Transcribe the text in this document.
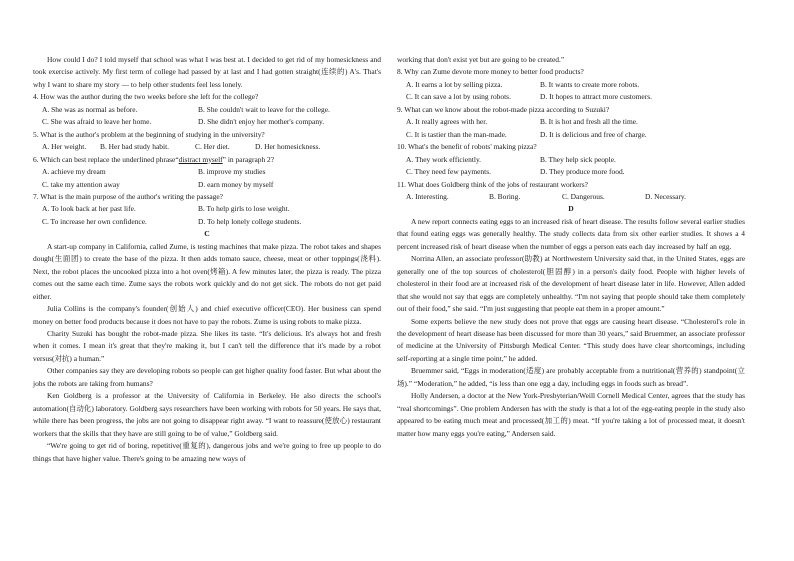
How could I do? I told myself that school was what I was best at. I decided to get rid of my homesickness and took exercise actively. My first term of college had passed by at last and I had gotten straight(连续的) A's. That's why I want to share my story — to help other students feel less lonely.

4. How was the author during the two weeks before she left for the college?

A. She was as normal as before.	B. She couldn't wait to leave for the college.
C. She was afraid to leave her home.	D. She didn't enjoy her mother's company.

5. What is the author's problem at the beginning of studying in the university?

A. Her weight.	B. Her bad study habit.	C. Her diet.	D. Her homesickness.

6. Which can best replace the underlined phrase“distract myself” in paragraph 2?

A. achieve my dream	B. improve my studies
C. take my attention away	D. earn money by myself

7. What is the main purpose of the author's writing the passage?

A. To look back at her past life.	B. To help girls to lose weight.
C. To increase her own confidence.	D. To help lonely college students.

C

A start-up company in California, called Zume, is testing machines that make pizza. The robot takes and shapes dough(生面团) to create the base of the pizza. It then adds tomato sauce, cheese, meat or other toppings(浇料). Next, the robot places the uncooked pizza into a hot oven(烤箱). A few minutes later, the pizza is ready. The pizza comes out the same each time. Zume says the robots work quickly and do not get sick. The robots do not get paid either.

Julia Collins is the company's founder(创始人) and chief executive officer(CEO). Her business can spend money on better food products because it does not have to pay the robots. Zume is using robots to make pizza.

Charity Suzuki has bought the robot-made pizza. She likes its taste. “It's delicious. It's always hot and fresh when it comes. I mean it's great that they're making it, but I can't tell the difference that it's made by a robot versus(对抗) a human.”

Other companies say they are developing robots so people can get higher quality food faster. But what about the jobs the robots are taking from humans?

Ken Goldberg is a professor at the University of California in Berkeley. He also directs the school's automation(自动化) laboratory. Goldberg says researchers have been working with robots for 50 years. He says that, while there has been progress, the jobs are not going to disappear right away. “I want to reassure(使放心) restaurant workers that the skills that they have are still going to be of value,” Goldberg said.

“We're going to get rid of boring, repetitive(重复的), dangerous jobs and we're going to free up people to do things that have higher value. There's going to be amazing new ways of

working that don't exist yet but are going to be created.”

8. Why can Zume devote more money to better food products?

A. It earns a lot by selling pizza.	B. It wants to create more robots.
C. It can save a lot by using robots.	D. It hopes to attract more customers.

9. What can we know about the robot-made pizza according to Suzuki?

A. It really agrees with her.	B. It is hot and fresh all the time.
C. It is tastier than the man-made.	D. It is delicious and free of charge.

10. What's the benefit of robots' making pizza?

A. They work efficiently.	B. They help sick people.
C. They need few payments.	D. They produce more food.

11. What does Goldberg think of the jobs of restaurant workers?

A. Interesting.	B. Boring.	C. Dangerous.	D. Necessary.

D

A new report connects eating eggs to an increased risk of heart disease. The results follow several earlier studies that found eating eggs was generally healthy. The study collects data from six other earlier studies. It shows a 4 percent increased risk of heart disease when the number of eggs a person eats each day increased by half an egg.

Norrina Allen, an associate professor(助教) at Northwestern University said that, in the United States, eggs are generally one of the top sources of cholesterol(胆固醇) in a person's daily food. People with higher levels of cholesterol in their food are at increased risk of the development of heart disease later in life. However, Allen added that she would not say that eggs are completely unhealthy. “I'm not saying that people should take them completely out of their food,” she said. “I'm just suggesting that people eat them in a proper amount.”

Some experts believe the new study does not prove that eggs are causing heart disease. “Cholesterol's role in the development of heart disease has been discussed for more than 30 years,” said Bruemmer, an associate professor of medicine at the University of Pittsburgh Medical Center. “This study does have clear shortcomings, including self-reporting at a single time point,” he added.

Bruemmer said, “Eggs in moderation(适度) are probably acceptable from a nutritional(营养的) standpoint(立场).” “Moderation,” he added, “is less than one egg a day, including eggs in foods such as bread”.

Holly Andersen, a doctor at the New York-Presbyterian/Weill Cornell Medical Center, agrees that the study has “real shortcomings”. One problem Andersen has with the study is that a lot of the egg-eating people in the study also appeared to be eating much meat and processed(加工的) meat. “If you're taking a lot of processed meat, it doesn't matter how many eggs you're eating,” Andersen said.
